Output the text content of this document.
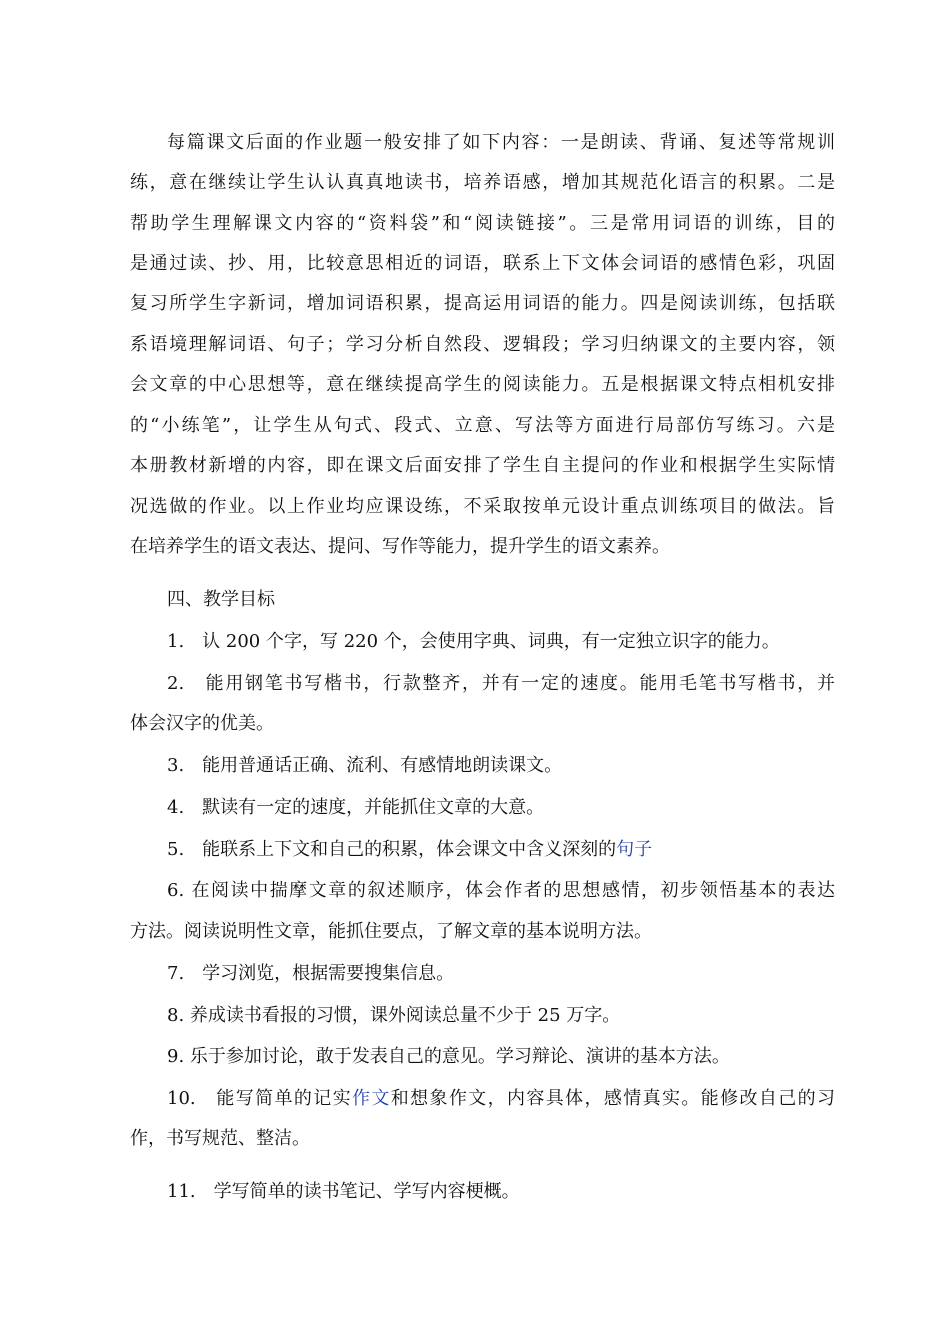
每篇课文后面的作业题一般安排了如下内容：一是朗读、背诵、复述等常规训
练，意在继续让学生认认真真地读书，培养语感，增加其规范化语言的积累。二是
帮助学生理解课文内容的“资料袋”和“阅读链接”。三是常用词语的训练，目的
是通过读、抄、用，比较意思相近的词语，联系上下文体会词语的感情色彩，巩固
复习所学生字新词，增加词语积累，提高运用词语的能力。四是阅读训练，包括联
系语境理解词语、句子；学习分析自然段、逻辑段；学习归纳课文的主要内容，领
会文章的中心思想等，意在继续提高学生的阅读能力。五是根据课文特点相机安排
的“小练笔”，让学生从句式、段式、立意、写法等方面进行局部仿写练习。六是
本册教材新增的内容，即在课文后面安排了学生自主提问的作业和根据学生实际情
况选做的作业。以上作业均应课设练，不采取按单元设计重点训练项目的做法。旨
在培养学生的语文表达、提问、写作等能力，提升学生的语文素养。
四、教学目标
1.　认 200 个字，写 220 个，会使用字典、词典，有一定独立识字的能力。
2.　能用钢笔书写楷书，行款整齐，并有一定的速度。能用毛笔书写楷书，并
体会汉字的优美。
3.　能用普通话正确、流利、有感情地朗读课文。
4.　默读有一定的速度，并能抓住文章的大意。
5.　能联系上下文和自己的积累，体会课文中含义深刻的句子
6. 在阅读中揣摩文章的叙述顺序，体会作者的思想感情，初步领悟基本的表达
方法。阅读说明性文章，能抓住要点，了解文章的基本说明方法。
7.　学习浏览，根据需要搜集信息。
8. 养成读书看报的习惯，课外阅读总量不少于 25 万字。
9. 乐于参加讨论，敢于发表自己的意见。学习辩论、演讲的基本方法。
10.　能写简单的记实作文和想象作文，内容具体，感情真实。能修改自己的习
作，书写规范、整洁。
11.　学写简单的读书笔记、学写内容梗概。
